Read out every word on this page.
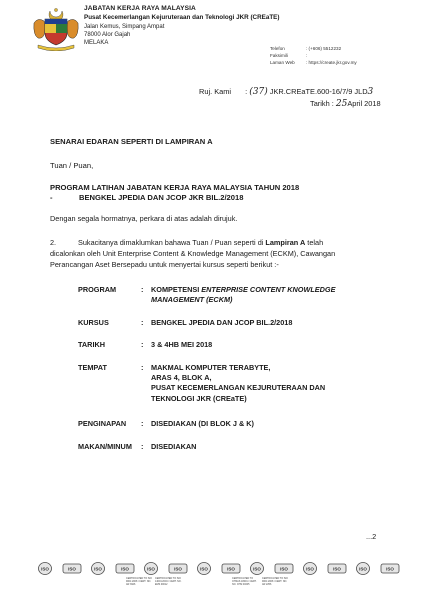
JABATAN KERJA RAYA MALAYSIA
Pusat Kecemerlangan Kejuruteraan dan Teknologi JKR (CREaTE)
Jalan Kemus, Simpang Ampat
78000 Alor Gajah
MELAKA
Telefon	: (+606) 5512232
Faksimili	:
Laman Web : https://create.jkr.gov.my
Ruj. Kami : (37) JKR.CREaTE.600-16/7/9 JLD3
Tarikh : 25April 2018
SENARAI EDARAN SEPERTI DI LAMPIRAN A
Tuan / Puan,
PROGRAM LATIHAN JABATAN KERJA RAYA MALAYSIA TAHUN 2018
-	BENGKEL JPEDIA DAN JCOP JKR BIL.2/2018
Dengan segala hormatnya, perkara di atas adalah dirujuk.
2.	Sukacitanya dimaklumkan bahawa Tuan / Puan seperti di Lampiran A telah
dicalonkan oleh Unit Enterprise Content & Knowledge Management (ECKM), Cawangan
Perancangan Aset Bersepadu untuk menyertai kursus seperti berikut :-
PROGRAM	: KOMPETENSI ENTERPRISE CONTENT KNOWLEDGE
MANAGEMENT (ECKM)
KURSUS	: BENGKEL JPEDIA DAN JCOP BIL.2/2018
TARIKH	: 3 & 4HB MEI 2018
TEMPAT	: MAKMAL KOMPUTER TERABYTE,
ARAS 4, BLOK A,
PUSAT KECEMERLANGAN KEJURUTERAAN DAN
TEKNOLOGI JKR (CREaTE)
PENGINAPAN : DISEDIAKAN (DI BLOK J & K)
MAKAN/MINUM : DISEDIAKAN
...2
ISO	ISO	ISO	ISO	ISO	ISO	ISO	ISO	ISO	ISO	ISO	ISO	ISO	ISO
CERTIFICATED TO ISO 9001:2008 / CERT. NO. AR 3926
CERTIFICATED TO ISO 14001:2004 / CERT. NO. EMS 00012
CERTIFICATED TO OHSAS 18001 / CERT. NO. OHS 00345
CERTIFICATED TO ISO 9001:2008 / CERT. NO. AR 2256
